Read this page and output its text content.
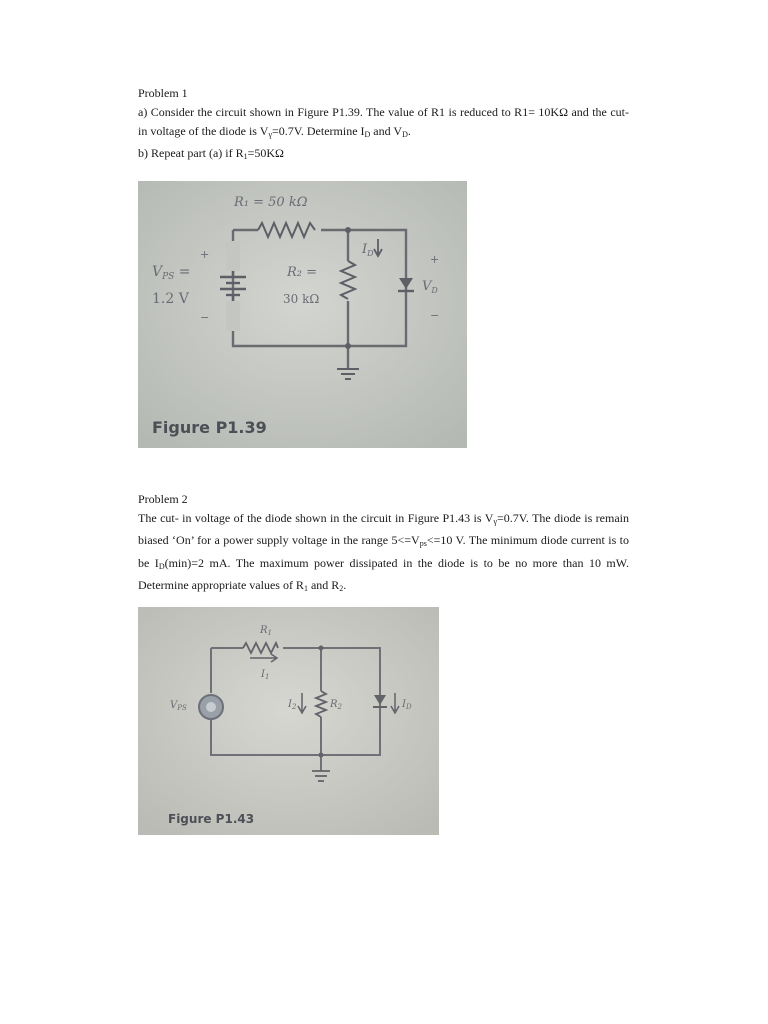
Problem 1

a) Consider the circuit shown in Figure P1.39. The value of R1 is reduced to R1= 10KΩ and the cut- in voltage of the diode is $V_\gamma=0.7V$. Determine $I_D$ and $V_D$.

b) Repeat part (a) if $R_1=50K\Omega$

R₁ = 50 kΩ
$V_{PS}$ =
1.2 V
R₂ =
30 kΩ
$I_D$
$V_D$
+
−
+
−
Figure P1.39
Problem 2

The cut- in voltage of the diode shown in the circuit in Figure P1.43 is $V_\gamma=0.7V$. The diode is remain biased ‘On’ for a power supply voltage in the range $5<=V_{ps}<=10$ V. The minimum diode current is to be $I_D(\min)=2$ mA. The maximum power dissipated in the diode is to be no more than 10 mW. Determine appropriate values of $R_1$ and $R_2$.

$R_1$
$I_1$
$I_2$	$R_2$
$V_{PS}$	$I_D$
Figure P1.43
